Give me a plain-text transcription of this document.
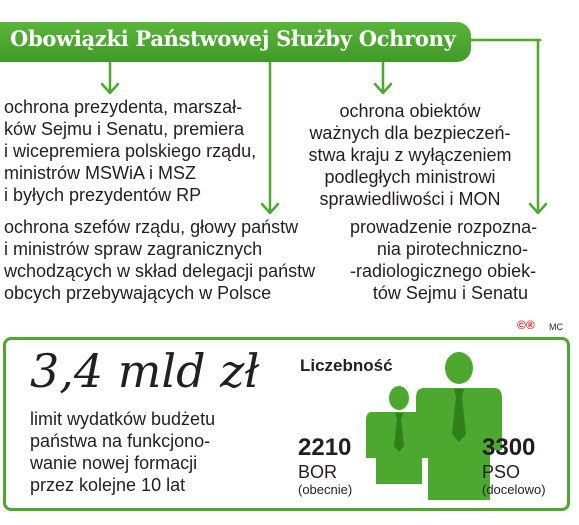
Obowiązki Państwowej Służby Ochrony
ochrona prezydenta, marszał-
ków Sejmu i Senatu, premiera
i wicepremiera polskiego rządu,
ministrów MSWiA i MSZ
i byłych prezydentów RP
ochrona obiektów
ważnych dla bezpieczeń-
stwa kraju z wyłączeniem
podległych ministrowi
sprawiedliwości i MON
ochrona szefów rządu, głowy państw
i ministrów spraw zagranicznych
wchodzących w skład delegacji państw
obcych przebywających w Polsce
prowadzenie rozpozna-
nia pirotechniczno-
-radiologicznego obiek-
tów Sejmu i Senatu
©® MC
3,4 mld zł
limit wydatków budżetu
państwa na funkcjono-
wanie nowej formacji
przez kolejne 10 lat
Liczebność
2210
BOR
(obecnie)
3300
PSO
(docelowo)
